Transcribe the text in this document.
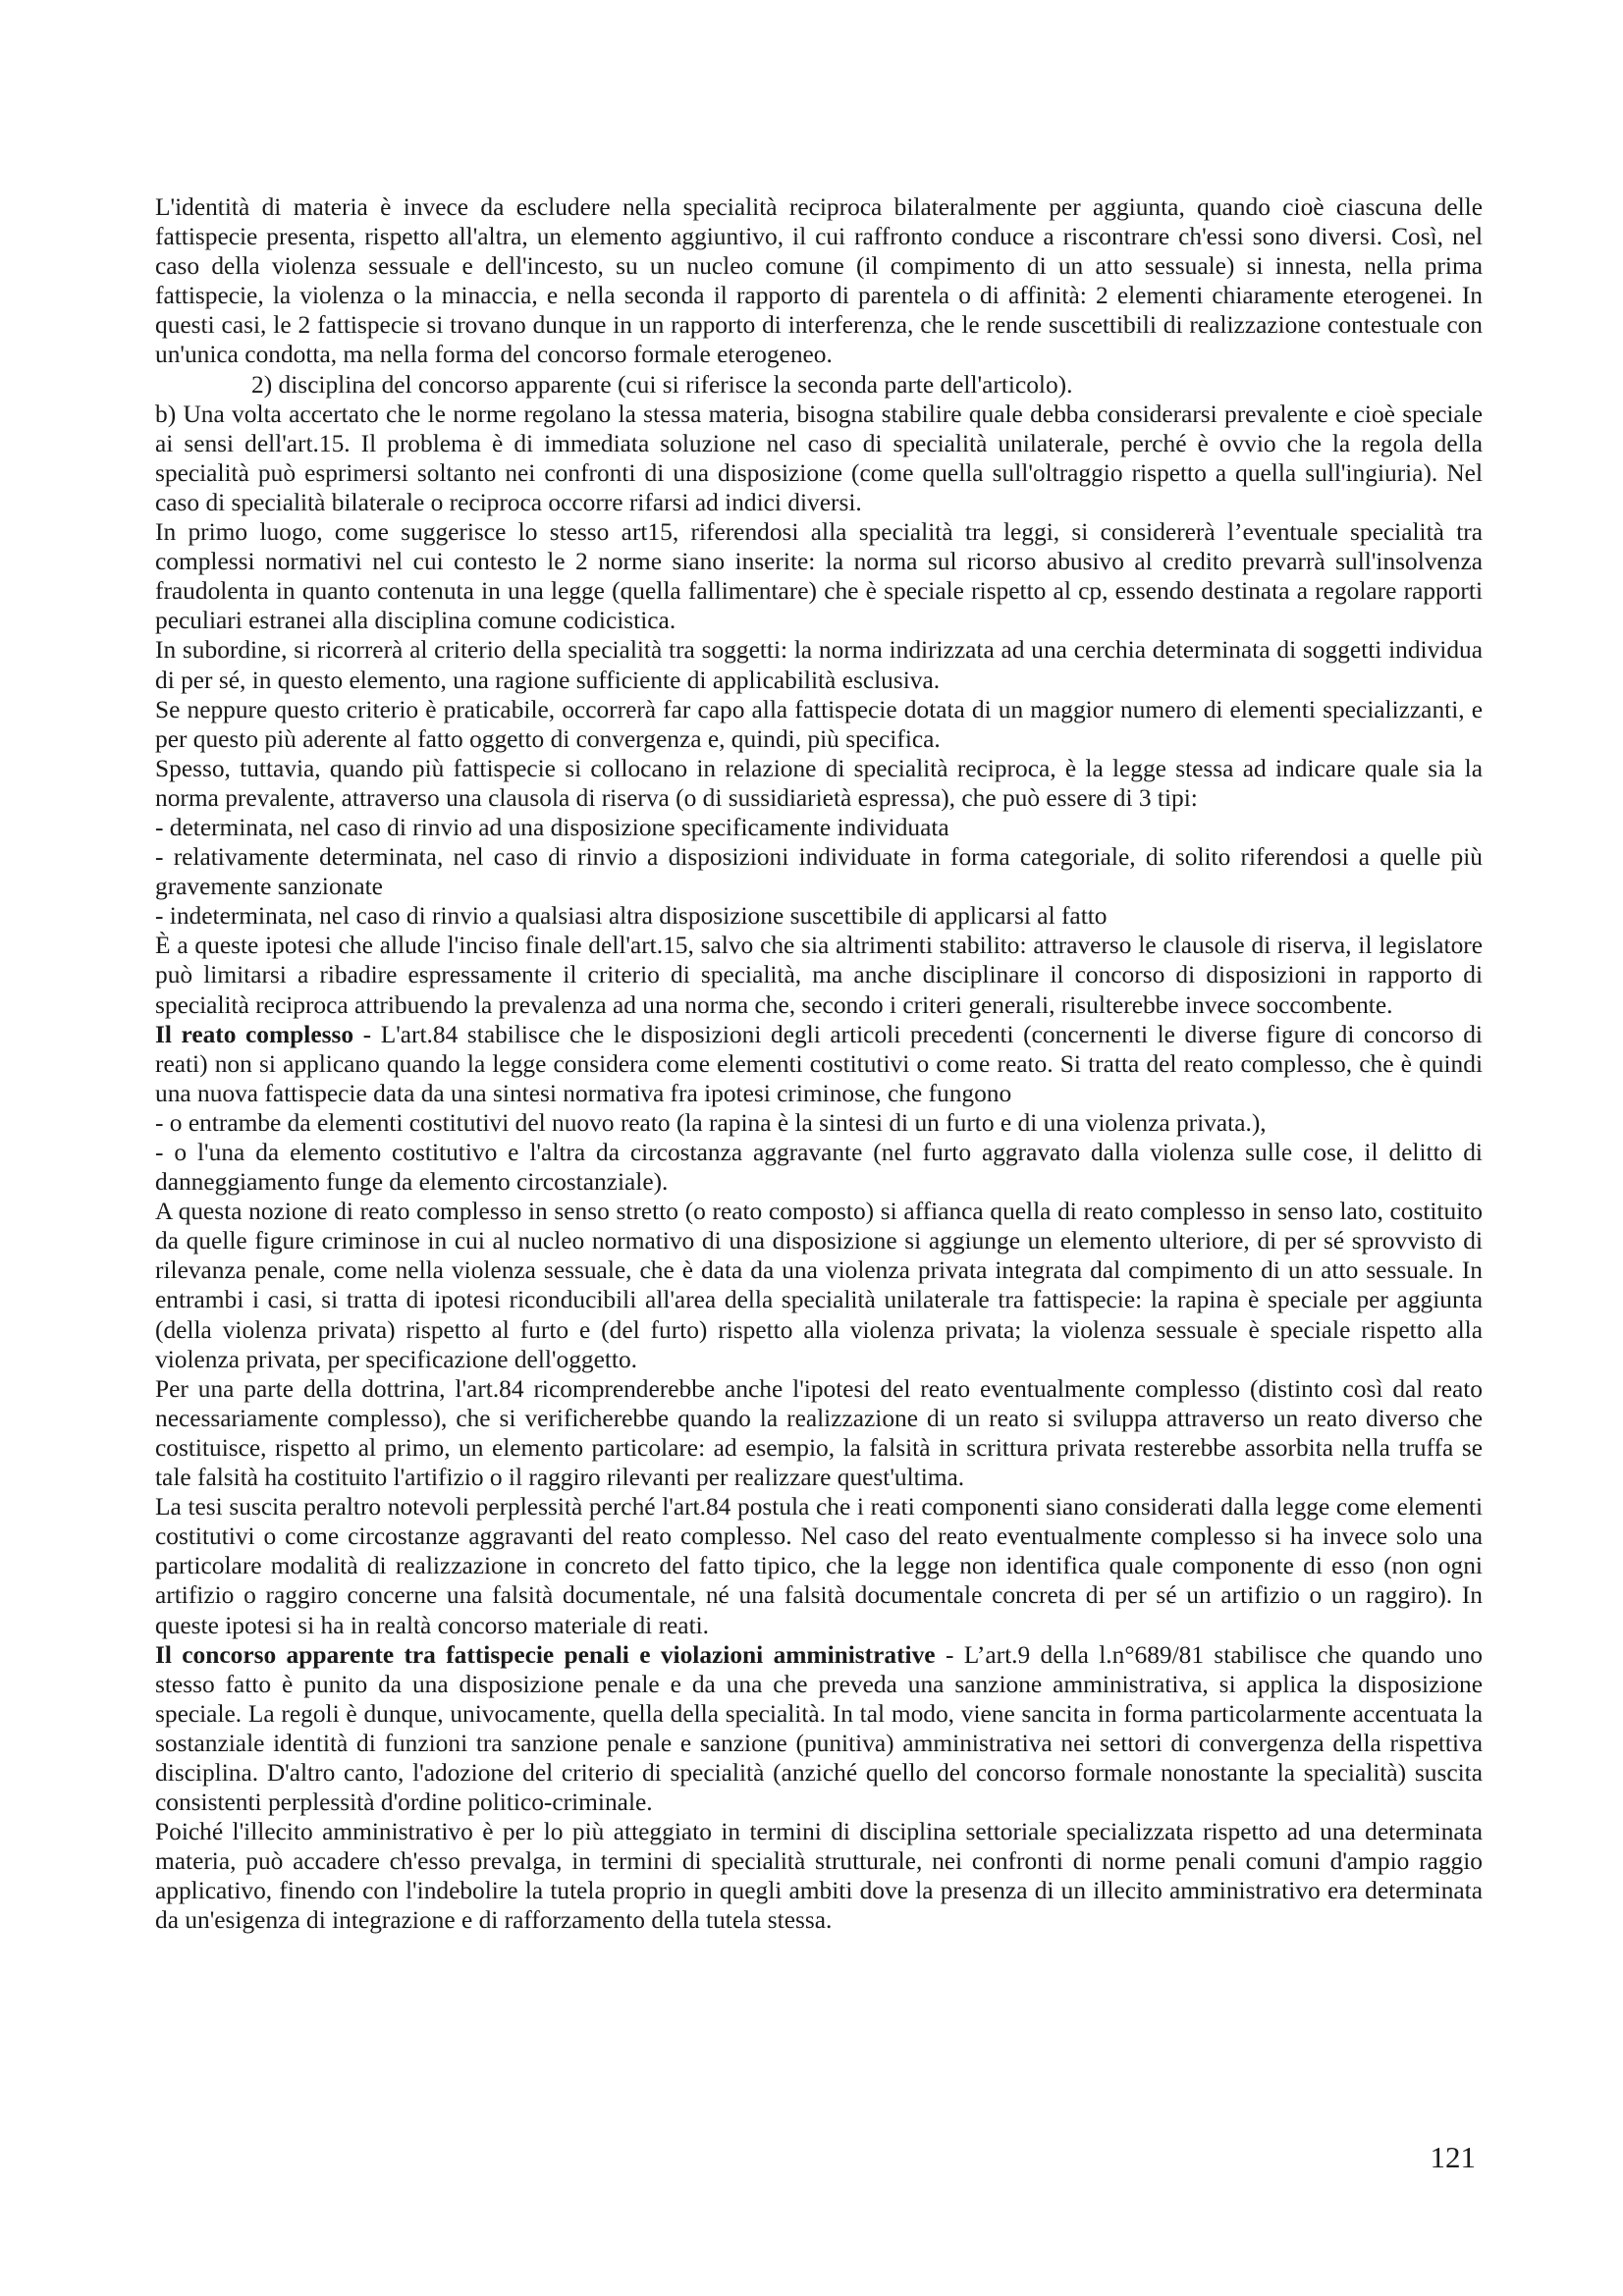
L'identità di materia è invece da escludere nella specialità reciproca bilateralmente per aggiunta, quando cioè ciascuna delle fattispecie presenta, rispetto all'altra, un elemento aggiuntivo, il cui raffronto conduce a riscontrare ch'essi sono diversi. Così, nel caso della violenza sessuale e dell'incesto, su un nucleo comune (il compimento di un atto sessuale) si innesta, nella prima fattispecie, la violenza o la minaccia, e nella seconda il rapporto di parentela o di affinità: 2 elementi chiaramente eterogenei. In questi casi, le 2 fattispecie si trovano dunque in un rapporto di interferenza, che le rende suscettibili di realizzazione contestuale con un'unica condotta, ma nella forma del concorso formale eterogeneo.

2) disciplina del concorso apparente (cui si riferisce la seconda parte dell'articolo).

b) Una volta accertato che le norme regolano la stessa materia, bisogna stabilire quale debba considerarsi prevalente e cioè speciale ai sensi dell'art.15. Il problema è di immediata soluzione nel caso di specialità unilaterale, perché è ovvio che la regola della specialità può esprimersi soltanto nei confronti di una disposizione (come quella sull'oltraggio rispetto a quella sull'ingiuria). Nel caso di specialità bilaterale o reciproca occorre rifarsi ad indici diversi.

In primo luogo, come suggerisce lo stesso art15, riferendosi alla specialità tra leggi, si considererà l’eventuale specialità tra complessi normativi nel cui contesto le 2 norme siano inserite: la norma sul ricorso abusivo al credito prevarrà sull'insolvenza fraudolenta in quanto contenuta in una legge (quella fallimentare) che è speciale rispetto al cp, essendo destinata a regolare rapporti peculiari estranei alla disciplina comune codicistica.

In subordine, si ricorrerà al criterio della specialità tra soggetti: la norma indirizzata ad una cerchia determinata di soggetti individua di per sé, in questo elemento, una ragione sufficiente di applicabilità esclusiva.

Se neppure questo criterio è praticabile, occorrerà far capo alla fattispecie dotata di un maggior numero di elementi specializzanti, e per questo più aderente al fatto oggetto di convergenza e, quindi, più specifica.

Spesso, tuttavia, quando più fattispecie si collocano in relazione di specialità reciproca, è la legge stessa ad indicare quale sia la norma prevalente, attraverso una clausola di riserva (o di sussidiarietà espressa), che può essere di 3 tipi:

- determinata, nel caso di rinvio ad una disposizione specificamente individuata

- relativamente determinata, nel caso di rinvio a disposizioni individuate in forma categoriale, di solito riferendosi a quelle più gravemente sanzionate

- indeterminata, nel caso di rinvio a qualsiasi altra disposizione suscettibile di applicarsi al fatto

È a queste ipotesi che allude l'inciso finale dell'art.15, salvo che sia altrimenti stabilito: attraverso le clausole di riserva, il legislatore può limitarsi a ribadire espressamente il criterio di specialità, ma anche disciplinare il concorso di disposizioni in rapporto di specialità reciproca attribuendo la prevalenza ad una norma che, secondo i criteri generali, risulterebbe invece soccombente.

Il reato complesso - L'art.84 stabilisce che le disposizioni degli articoli precedenti (concernenti le diverse figure di concorso di reati) non si applicano quando la legge considera come elementi costitutivi o come reato. Si tratta del reato complesso, che è quindi una nuova fattispecie data da una sintesi normativa fra ipotesi criminose, che fungono

- o entrambe da elementi costitutivi del nuovo reato (la rapina è la sintesi di un furto e di una violenza privata.),

- o l'una da elemento costitutivo e l'altra da circostanza aggravante (nel furto aggravato dalla violenza sulle cose, il delitto di danneggiamento funge da elemento circostanziale).

A questa nozione di reato complesso in senso stretto (o reato composto) si affianca quella di reato complesso in senso lato, costituito da quelle figure criminose in cui al nucleo normativo di una disposizione si aggiunge un elemento ulteriore, di per sé sprovvisto di rilevanza penale, come nella violenza sessuale, che è data da una violenza privata integrata dal compimento di un atto sessuale. In entrambi i casi, si tratta di ipotesi riconducibili all'area della specialità unilaterale tra fattispecie: la rapina è speciale per aggiunta (della violenza privata) rispetto al furto e (del furto) rispetto alla violenza privata; la violenza sessuale è speciale rispetto alla violenza privata, per specificazione dell'oggetto.

Per una parte della dottrina, l'art.84 ricomprenderebbe anche l'ipotesi del reato eventualmente complesso (distinto così dal reato necessariamente complesso), che si verificherebbe quando la realizzazione di un reato si sviluppa attraverso un reato diverso che costituisce, rispetto al primo, un elemento particolare: ad esempio, la falsità in scrittura privata resterebbe assorbita nella truffa se tale falsità ha costituito l'artifizio o il raggiro rilevanti per realizzare quest'ultima.

La tesi suscita peraltro notevoli perplessità perché l'art.84 postula che i reati componenti siano considerati dalla legge come elementi costitutivi o come circostanze aggravanti del reato complesso. Nel caso del reato eventualmente complesso si ha invece solo una particolare modalità di realizzazione in concreto del fatto tipico, che la legge non identifica quale componente di esso (non ogni artifizio o raggiro concerne una falsità documentale, né una falsità documentale concreta di per sé un artifizio o un raggiro). In queste ipotesi si ha in realtà concorso materiale di reati.

Il concorso apparente tra fattispecie penali e violazioni amministrative - L’art.9 della l.n°689/81 stabilisce che quando uno stesso fatto è punito da una disposizione penale e da una che preveda una sanzione amministrativa, si applica la disposizione speciale. La regoli è dunque, univocamente, quella della specialità. In tal modo, viene sancita in forma particolarmente accentuata la sostanziale identità di funzioni tra sanzione penale e sanzione (punitiva) amministrativa nei settori di convergenza della rispettiva disciplina. D'altro canto, l'adozione del criterio di specialità (anziché quello del concorso formale nonostante la specialità) suscita consistenti perplessità d'ordine politico-criminale.

Poiché l'illecito amministrativo è per lo più atteggiato in termini di disciplina settoriale specializzata rispetto ad una determinata materia, può accadere ch'esso prevalga, in termini di specialità strutturale, nei confronti di norme penali comuni d'ampio raggio applicativo, finendo con l'indebolire la tutela proprio in quegli ambiti dove la presenza di un illecito amministrativo era determinata da un'esigenza di integrazione e di rafforzamento della tutela stessa.

121
